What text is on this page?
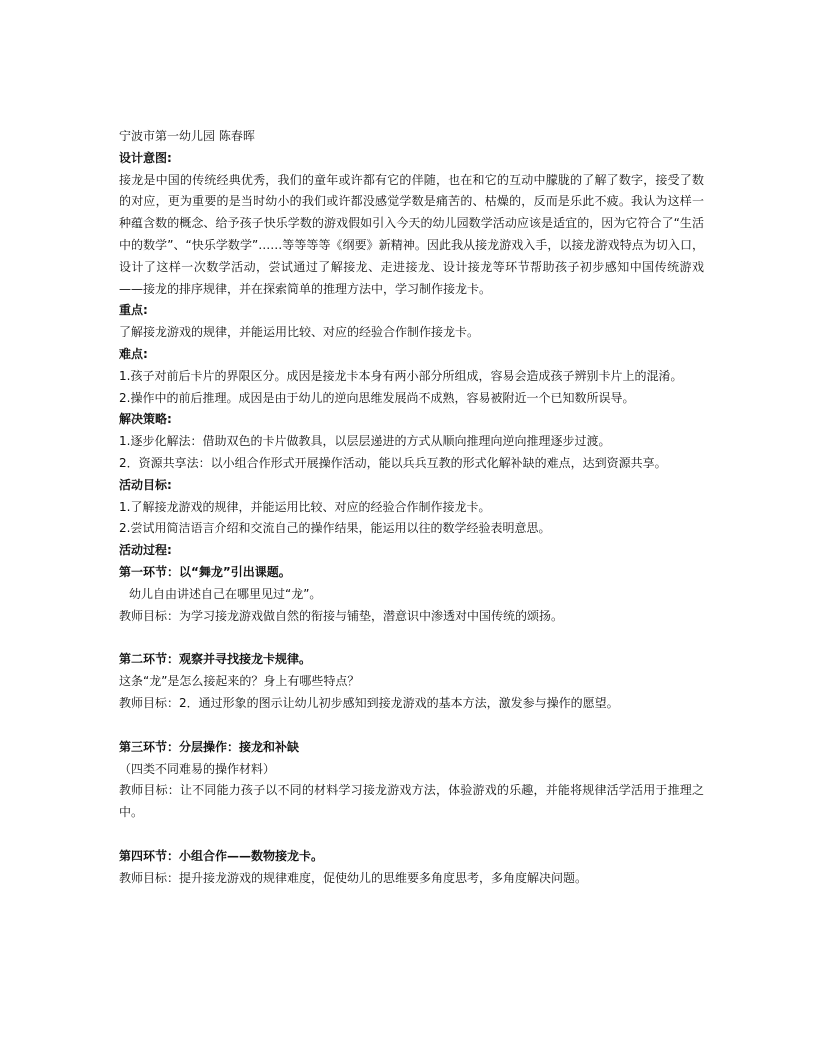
宁波市第一幼儿园 陈春晖
设计意图:
接龙是中国的传统经典优秀，我们的童年或许都有它的伴随，也在和它的互动中朦胧的了解了数字，接受了数的对应，更为重要的是当时幼小的我们或许都没感觉学数是痛苦的、枯燥的，反而是乐此不疲。我认为这样一种蕴含数的概念、给予孩子快乐学数的游戏假如引入今天的幼儿园数学活动应该是适宜的，因为它符合了“生活中的数学”、“快乐学数学”……等等等等《纲要》新精神。因此我从接龙游戏入手，以接龙游戏特点为切入口，设计了这样一次数学活动，尝试通过了解接龙、走进接龙、设计接龙等环节帮助孩子初步感知中国传统游戏——接龙的排序规律，并在探索简单的推理方法中，学习制作接龙卡。
重点:
了解接龙游戏的规律，并能运用比较、对应的经验合作制作接龙卡。
难点:
1.孩子对前后卡片的界限区分。成因是接龙卡本身有两小部分所组成，容易会造成孩子辨别卡片上的混淆。
2.操作中的前后推理。成因是由于幼儿的逆向思维发展尚不成熟，容易被附近一个已知数所误导。
解决策略:
1.逐步化解法：借助双色的卡片做教具，以层层递进的方式从顺向推理向逆向推理逐步过渡。
2．资源共享法：以小组合作形式开展操作活动，能以兵兵互教的形式化解补缺的难点，达到资源共享。
活动目标:
1.了解接龙游戏的规律，并能运用比较、对应的经验合作制作接龙卡。
2.尝试用简洁语言介绍和交流自己的操作结果，能运用以往的数学经验表明意思。
活动过程:
第一环节：以“舞龙”引出课题。
幼儿自由讲述自己在哪里见过“龙”。
教师目标：为学习接龙游戏做自然的衔接与铺垫，潜意识中渗透对中国传统的颂扬。
第二环节：观察并寻找接龙卡规律。
这条“龙”是怎么接起来的？身上有哪些特点？
教师目标：2．通过形象的图示让幼儿初步感知到接龙游戏的基本方法，激发参与操作的愿望。
第三环节：分层操作：接龙和补缺
（四类不同难易的操作材料）
教师目标：让不同能力孩子以不同的材料学习接龙游戏方法，体验游戏的乐趣，并能将规律活学活用于推理之中。
第四环节：小组合作——数物接龙卡。
教师目标：提升接龙游戏的规律难度，促使幼儿的思维要多角度思考，多角度解决问题。
